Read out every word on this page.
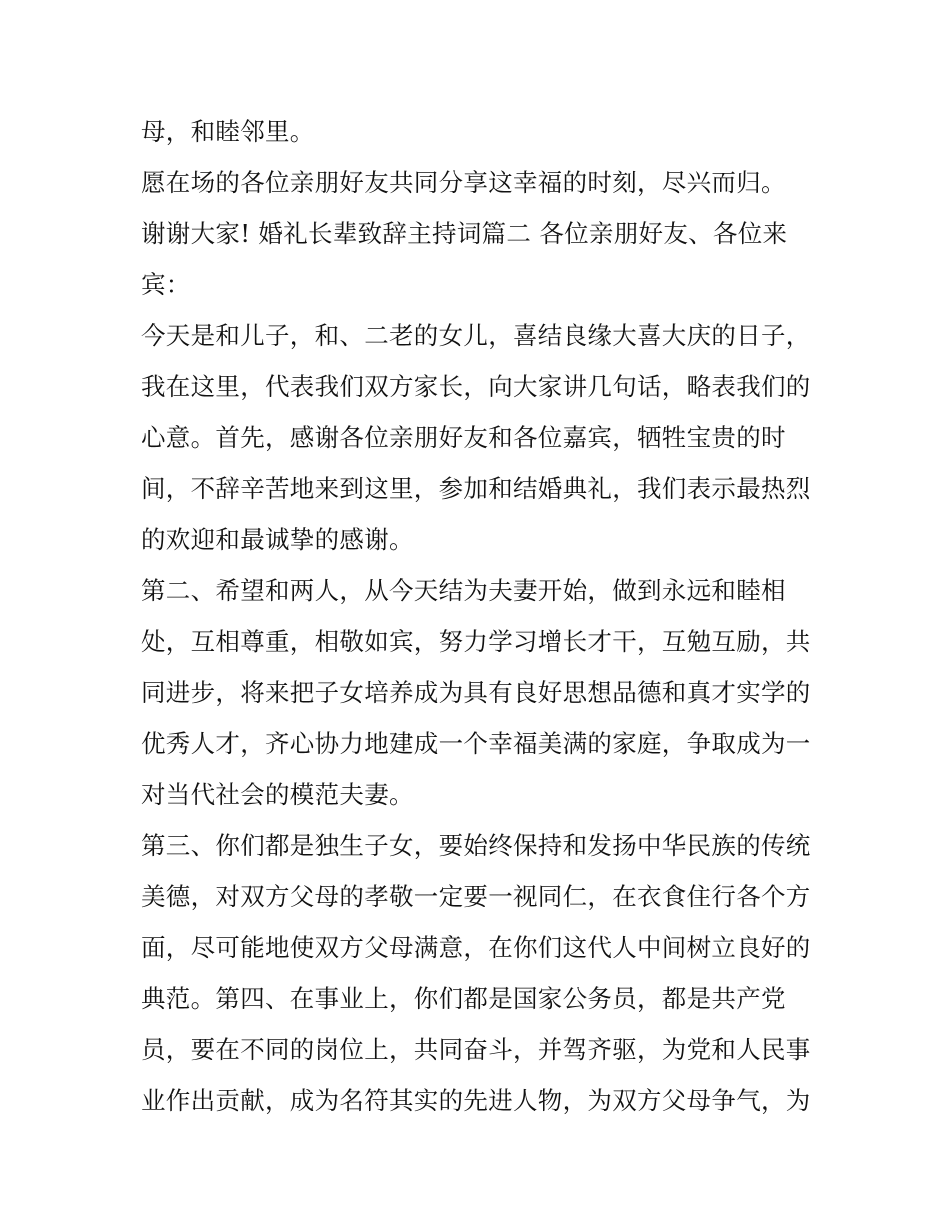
母，和睦邻里。
愿在场的各位亲朋好友共同分享这幸福的时刻，尽兴而归。
谢谢大家! 婚礼长辈致辞主持词篇二 各位亲朋好友、各位来
宾：
今天是和儿子，和、二老的女儿，喜结良缘大喜大庆的日子，
我在这里，代表我们双方家长，向大家讲几句话，略表我们的
心意。首先，感谢各位亲朋好友和各位嘉宾，牺牲宝贵的时
间，不辞辛苦地来到这里，参加和结婚典礼，我们表示最热烈
的欢迎和最诚挚的感谢。
第二、希望和两人，从今天结为夫妻开始，做到永远和睦相
处，互相尊重，相敬如宾，努力学习增长才干，互勉互励，共
同进步，将来把子女培养成为具有良好思想品德和真才实学的
优秀人才，齐心协力地建成一个幸福美满的家庭，争取成为一
对当代社会的模范夫妻。
第三、你们都是独生子女，要始终保持和发扬中华民族的传统
美德，对双方父母的孝敬一定要一视同仁，在衣食住行各个方
面，尽可能地使双方父母满意，在你们这代人中间树立良好的
典范。第四、在事业上，你们都是国家公务员，都是共产党
员，要在不同的岗位上，共同奋斗，并驾齐驱，为党和人民事
业作出贡献，成为名符其实的先进人物，为双方父母争气，为
